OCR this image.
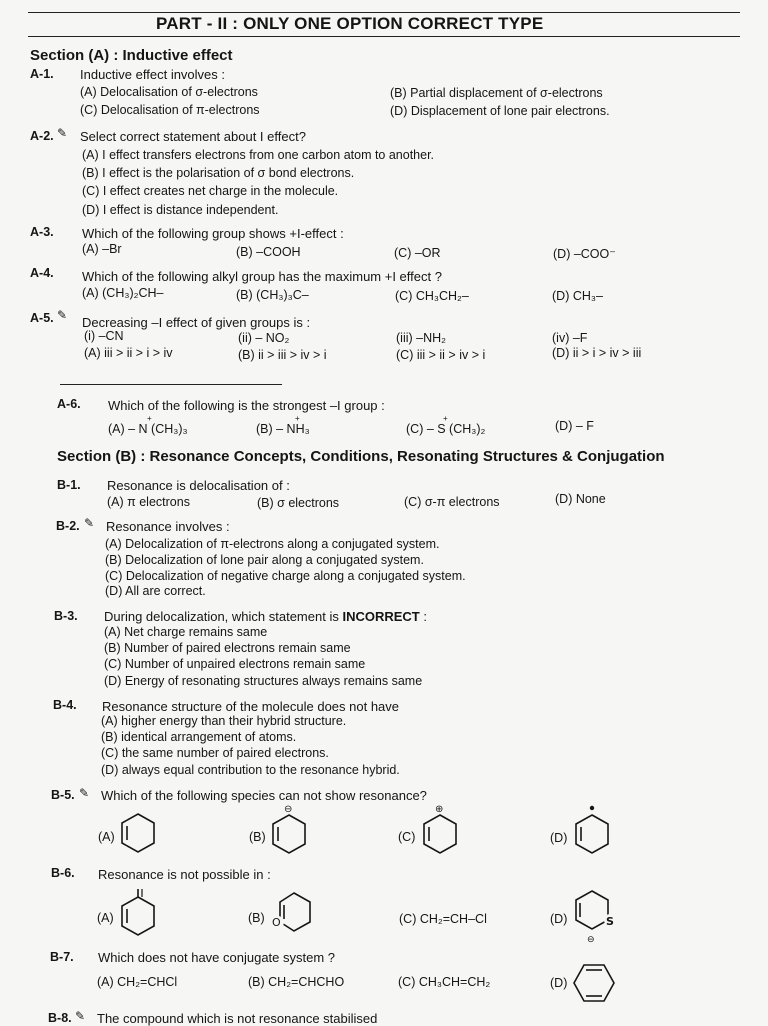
PART - II : ONLY ONE OPTION CORRECT TYPE
Section (A) : Inductive effect
A-1. Inductive effect involves :
(A) Delocalisation of σ-electrons	(B) Partial displacement of σ-electrons
(C) Delocalisation of π-electrons	(D) Displacement of lone pair electrons.
A-2. ✎ Select correct statement about I effect?
(A) I effect transfers electrons from one carbon atom to another.
(B) I effect is the polarisation of σ bond electrons.
(C) I effect creates net charge in the molecule.
(D) I effect is distance independent.
A-3. Which of the following group shows +I-effect :
(A) –Br	(B) –COOH	(C) –OR	(D) –COO⁻
A-4. Which of the following alkyl group has the maximum +I effect ?
(A) (CH₃)₂CH–	(B) (CH₃)₃C–	(C) CH₃CH₂–	(D) CH₃–
A-5. ✎ Decreasing –I effect of given groups is :
(i) –CN	(ii) – NO₂	(iii) –NH₂	(iv) –F
(A) iii > ii > i > iv	(B) ii > iii > iv > i	(C) iii > ii > iv > i	(D) ii > i > iv > iii
A-6. Which of the following is the strongest –I group :
(A) – N (CH₃)₃	(B) – NH₃	(C) – S (CH₃)₂	(D) – F
+	+	+
Section (B) : Resonance Concepts, Conditions, Resonating Structures & Conjugation
B-1. Resonance is delocalisation of :
(A) π electrons	(B) σ electrons	(C) σ-π electrons	(D) None
B-2. ✎ Resonance involves :
(A) Delocalization of π-electrons along a conjugated system.
(B) Delocalization of lone pair along a conjugated system.
(C) Delocalization of negative charge along a conjugated system.
(D) All are correct.
B-3. During delocalization, which statement is INCORRECT :
(A) Net charge remains same
(B) Number of paired electrons remain same
(C) Number of unpaired electrons remain same
(D) Energy of resonating structures always remains same
B-4. Resonance structure of the molecule does not have
(A) higher energy than their hybrid structure.
(B) identical arrangement of atoms.
(C) the same number of paired electrons.
(D) always equal contribution to the resonance hybrid.
B-5. ✎ Which of the following species can not show resonance?
(A)	(B)
⊖
(C)
⊕
(D)
B-6. Resonance is not possible in :
(A)	(B) O	(C) CH₂=CH–Cl	(D)	S
⊖
B-7. Which does not have conjugate system ?
(A) CH₂=CHCl	(B) CH₂=CHCHO	(C) CH₃CH=CH₂	(D)
B-8. ✎ The compound which is not resonance stabilised
